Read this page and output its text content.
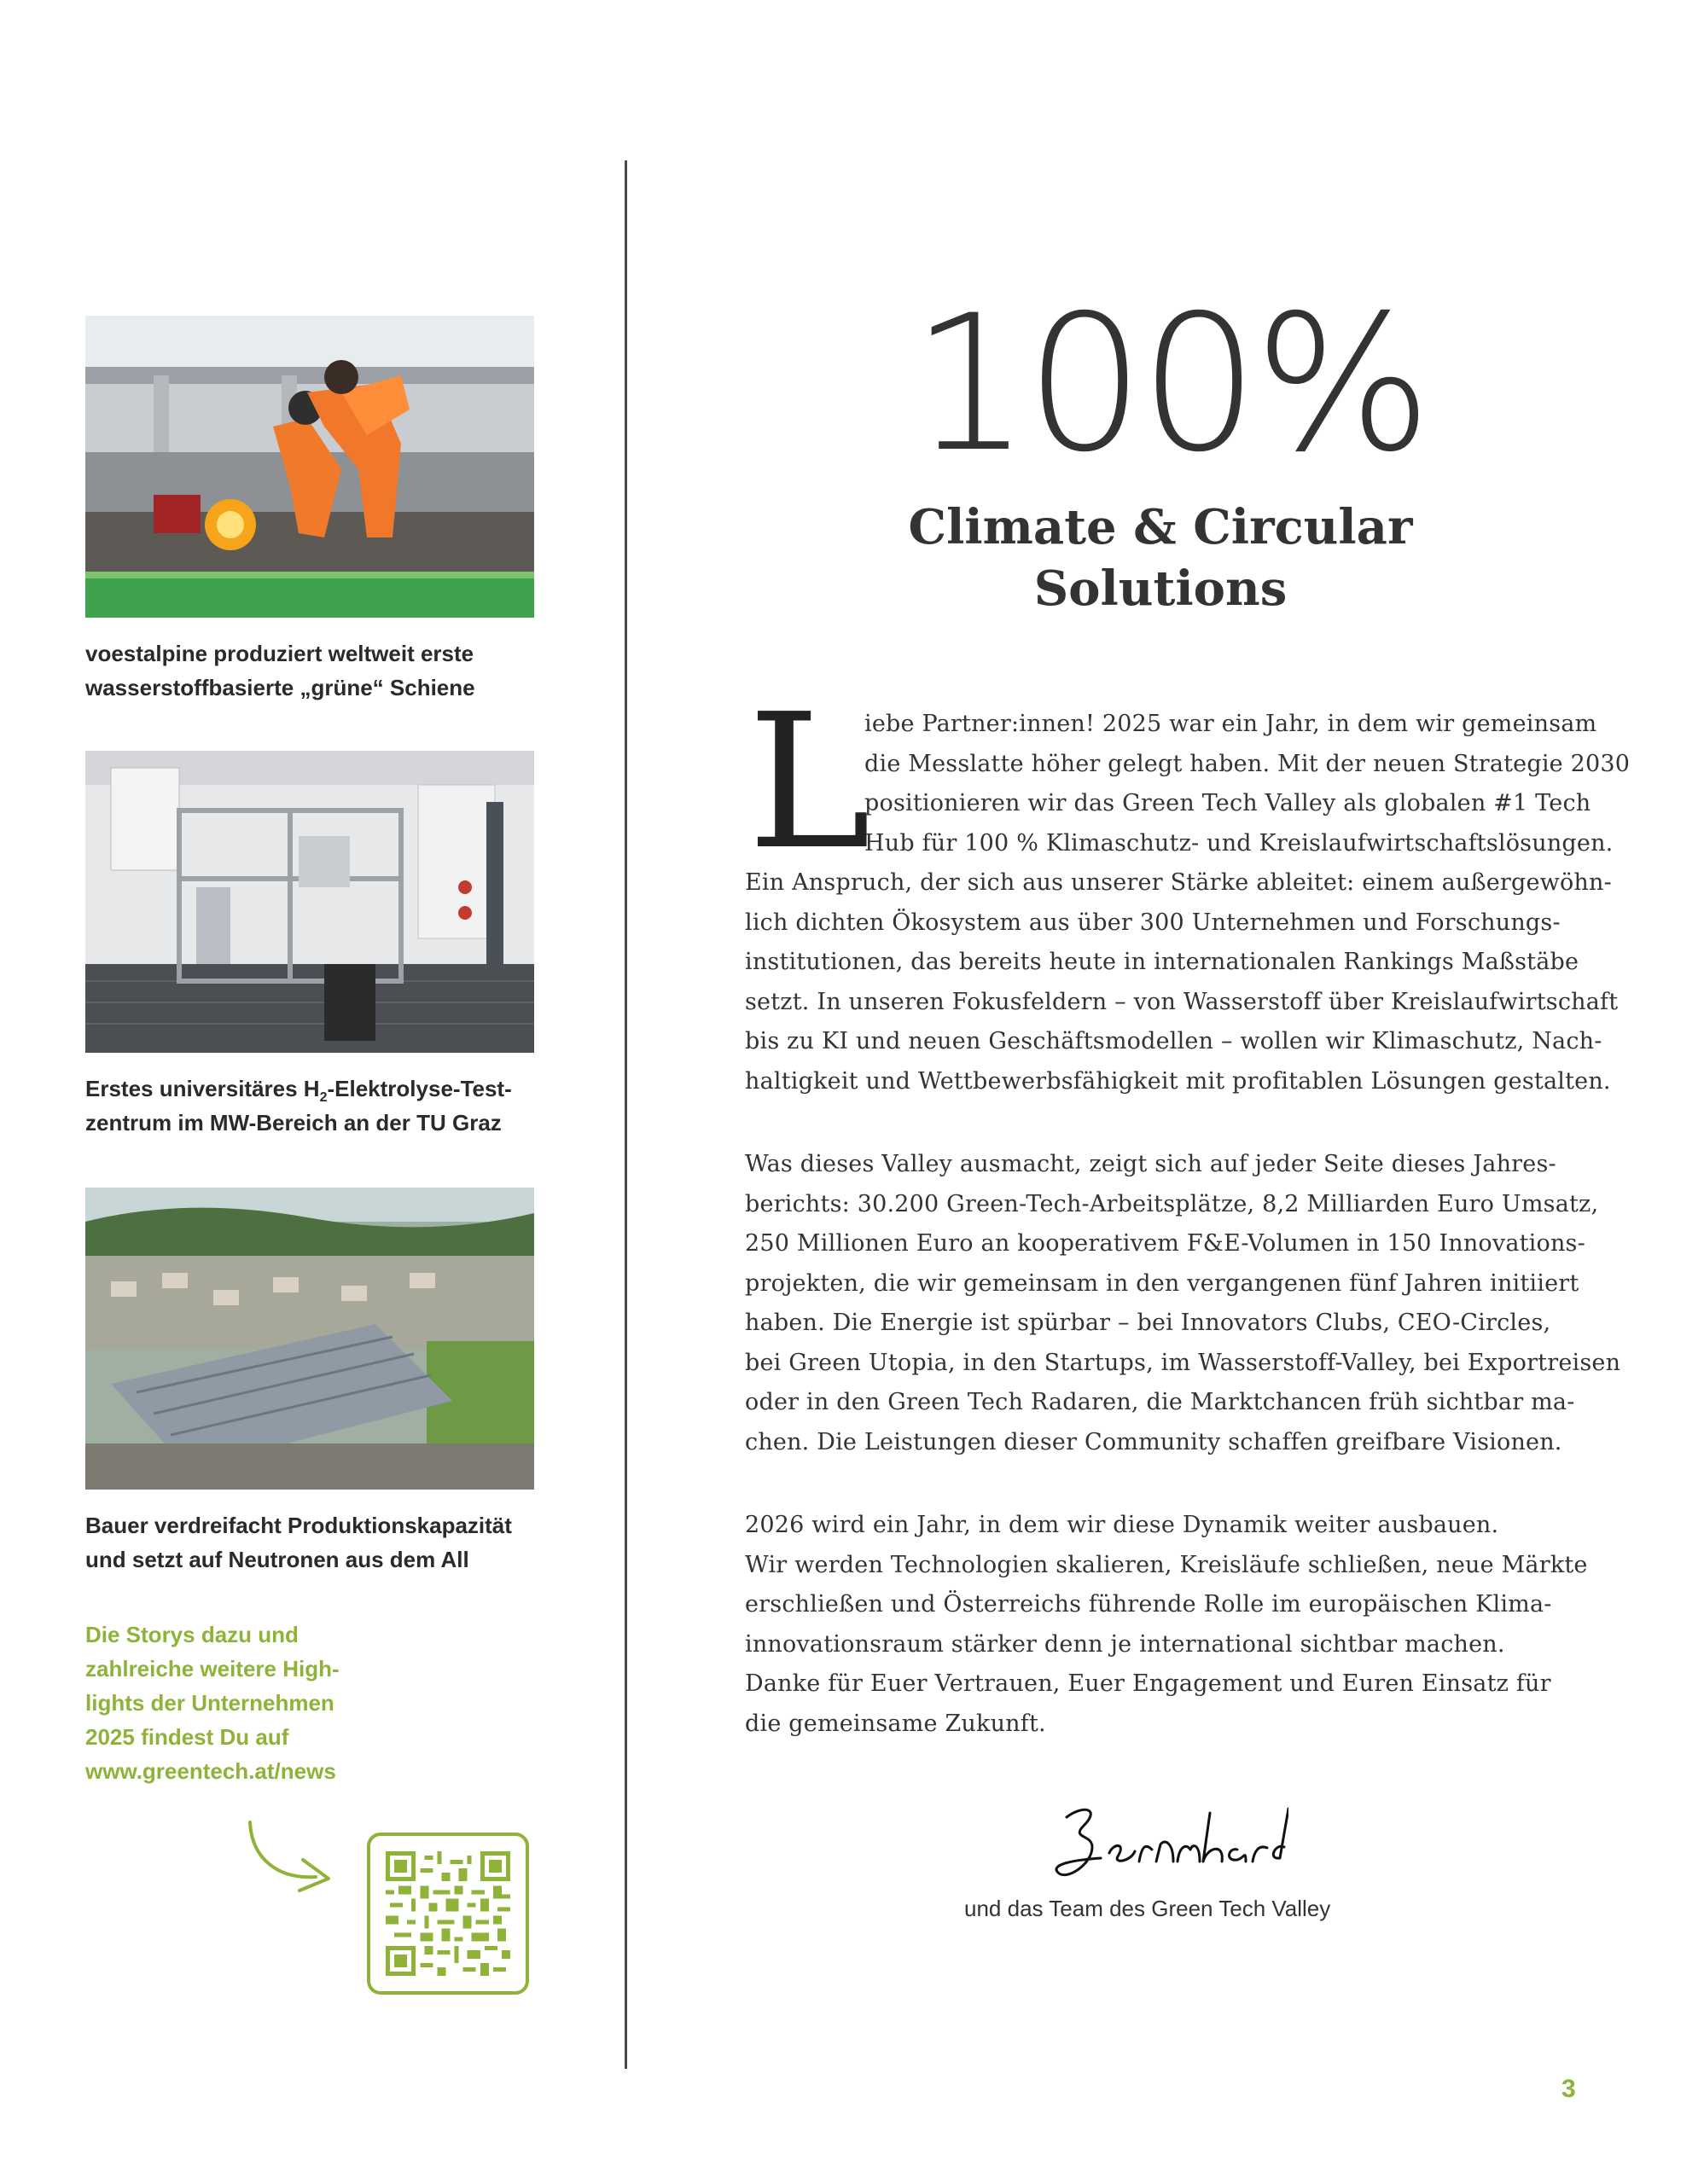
voestalpine produziert weltweit erste

wasserstoffbasierte „grüne“ Schiene

Erstes universitäres $H_2-Elektrolyse-Test-$

zentrum im MW-Bereich an der TU Graz

Bauer verdreifacht Produktionskapazität

und setzt auf Neutronen aus dem All

Die Storys dazu und

zahlreiche weitere High-

lights der Unternehmen

2025 findest Du auf

www.greentech.at/news

100%

Climate & Circular

Solutions

L

iebe Partner:innen! 2025 war ein Jahr, in dem wir gemeinsam

die Messlatte höher gelegt haben. Mit der neuen Strategie 2030

positionieren wir das Green Tech Valley als globalen #1 Tech

Hub für 100 % Klimaschutz- und Kreislaufwirtschaftslösungen.

Ein Anspruch, der sich aus unserer Stärke ableitet: einem außergewöhn-

lich dichten Ökosystem aus über 300 Unternehmen und Forschungs-

institutionen, das bereits heute in internationalen Rankings Maßstäbe

setzt. In unseren Fokusfeldern – von Wasserstoff über Kreislaufwirtschaft

bis zu KI und neuen Geschäftsmodellen – wollen wir Klimaschutz, Nach-

haltigkeit und Wettbewerbsfähigkeit mit profitablen Lösungen gestalten.

Was dieses Valley ausmacht, zeigt sich auf jeder Seite dieses Jahres-

berichts: 30.200 Green-Tech-Arbeitsplätze, 8,2 Milliarden Euro Umsatz,

250 Millionen Euro an kooperativem F&E-Volumen in 150 Innovations-

projekten, die wir gemeinsam in den vergangenen fünf Jahren initiiert

haben. Die Energie ist spürbar – bei Innovators Clubs, CEO-Circles,

bei Green Utopia, in den Startups, im Wasserstoff-Valley, bei Exportreisen

oder in den Green Tech Radaren, die Marktchancen früh sichtbar ma-

chen. Die Leistungen dieser Community schaffen greifbare Visionen.

2026 wird ein Jahr, in dem wir diese Dynamik weiter ausbauen.

Wir werden Technologien skalieren, Kreisläufe schließen, neue Märkte

erschließen und Österreichs führende Rolle im europäischen Klima-

innovationsraum stärker denn je international sichtbar machen.

Danke für Euer Vertrauen, Euer Engagement und Euren Einsatz für

die gemeinsame Zukunft.

und das Team des Green Tech Valley
3
